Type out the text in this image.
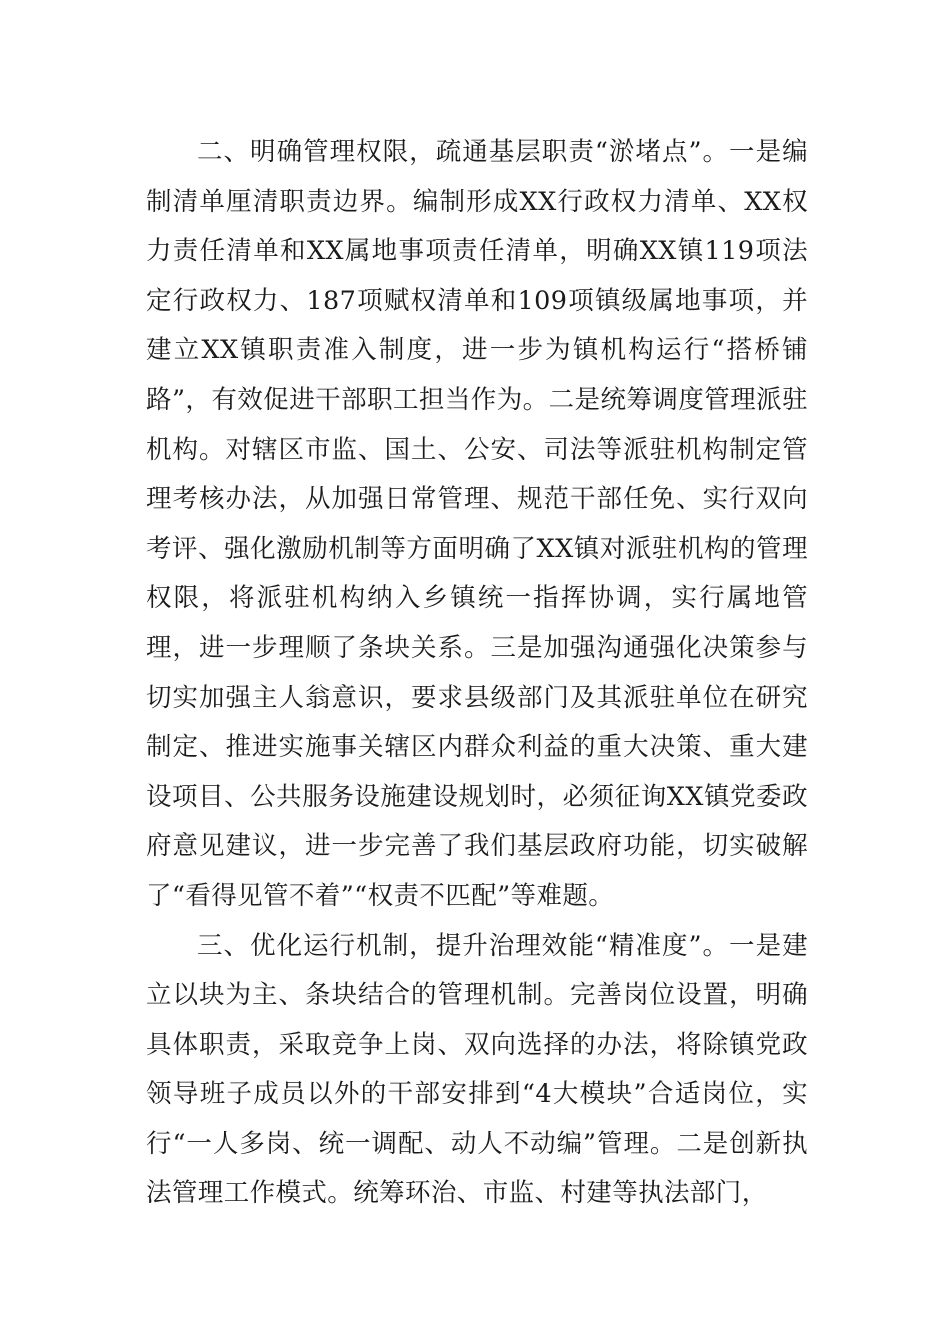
二、明确管理权限，疏通基层职责“淤堵点”。一是编制清单厘清职责边界。编制形成XX行政权力清单、XX权力责任清单和XX属地事项责任清单，明确XX镇119项法定行政权力、187项赋权清单和109项镇级属地事项，并建立XX镇职责准入制度，进一步为镇机构运行“搭桥铺路”，有效促进干部职工担当作为。二是统筹调度管理派驻机构。对辖区市监、国土、公安、司法等派驻机构制定管理考核办法，从加强日常管理、规范干部任免、实行双向考评、强化激励机制等方面明确了XX镇对派驻机构的管理权限，将派驻机构纳入乡镇统一指挥协调，实行属地管理，进一步理顺了条块关系。三是加强沟通强化决策参与切实加强主人翁意识，要求县级部门及其派驻单位在研究制定、推进实施事关辖区内群众利益的重大决策、重大建设项目、公共服务设施建设规划时，必须征询XX镇党委政府意见建议，进一步完善了我们基层政府功能，切实破解了“看得见管不着”“权责不匹配”等难题。

三、优化运行机制，提升治理效能“精准度”。一是建立以块为主、条块结合的管理机制。完善岗位设置，明确具体职责，采取竞争上岗、双向选择的办法，将除镇党政领导班子成员以外的干部安排到“4大模块”合适岗位，实行“一人多岗、统一调配、动人不动编”管理。二是创新执法管理工作模式。统筹环治、市监、村建等执法部门，
